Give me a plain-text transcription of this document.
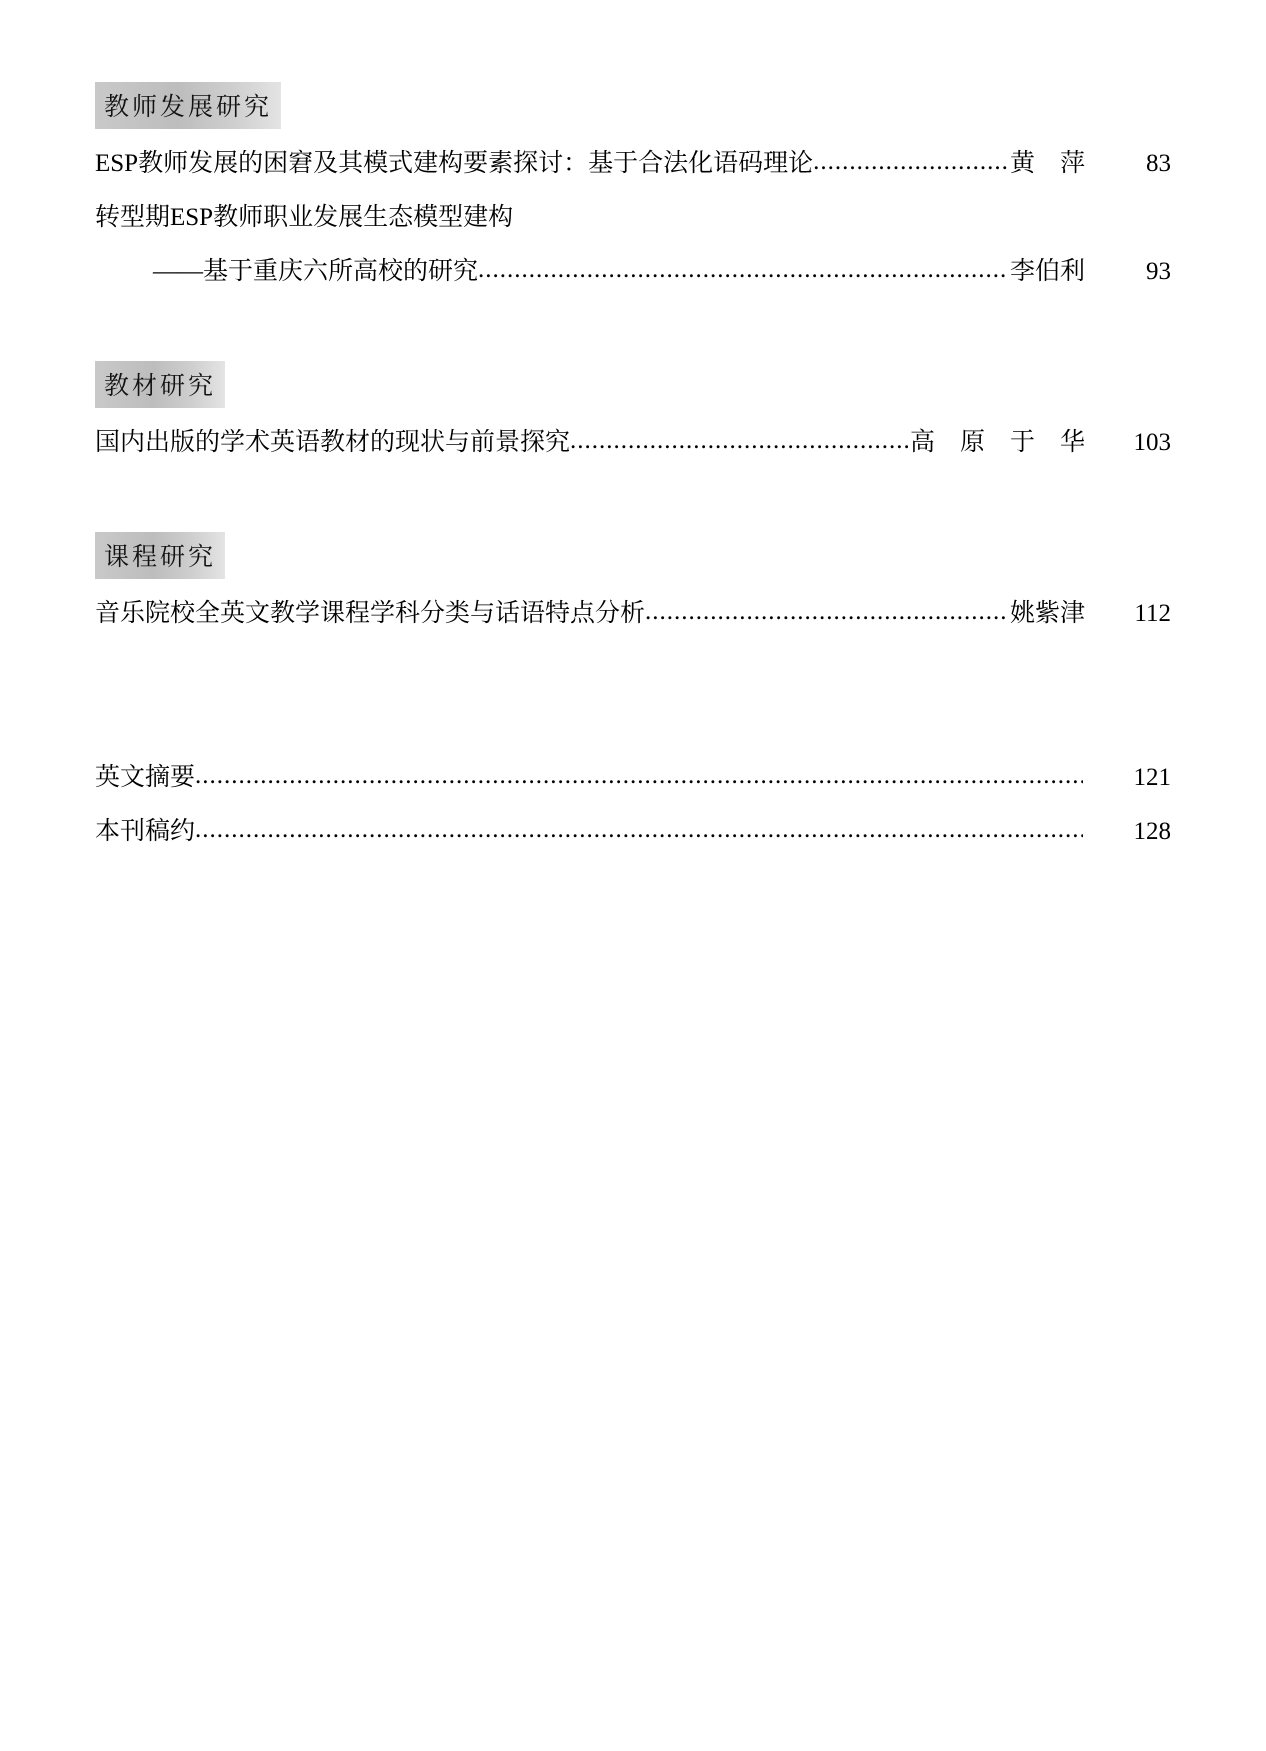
教师发展研究
ESP教师发展的困窘及其模式建构要素探讨：基于合法化语码理论 .....	黄　萍	83
转型期ESP教师职业发展生态模型建构
——基于重庆六所高校的研究 .....	李伯利	93
教材研究
国内出版的学术英语教材的现状与前景探究 .....	高　原　于　华	103
课程研究
音乐院校全英文教学课程学科分类与话语特点分析 .....	姚紫津	112
英文摘要 .....	121
本刊稿约 .....	128
